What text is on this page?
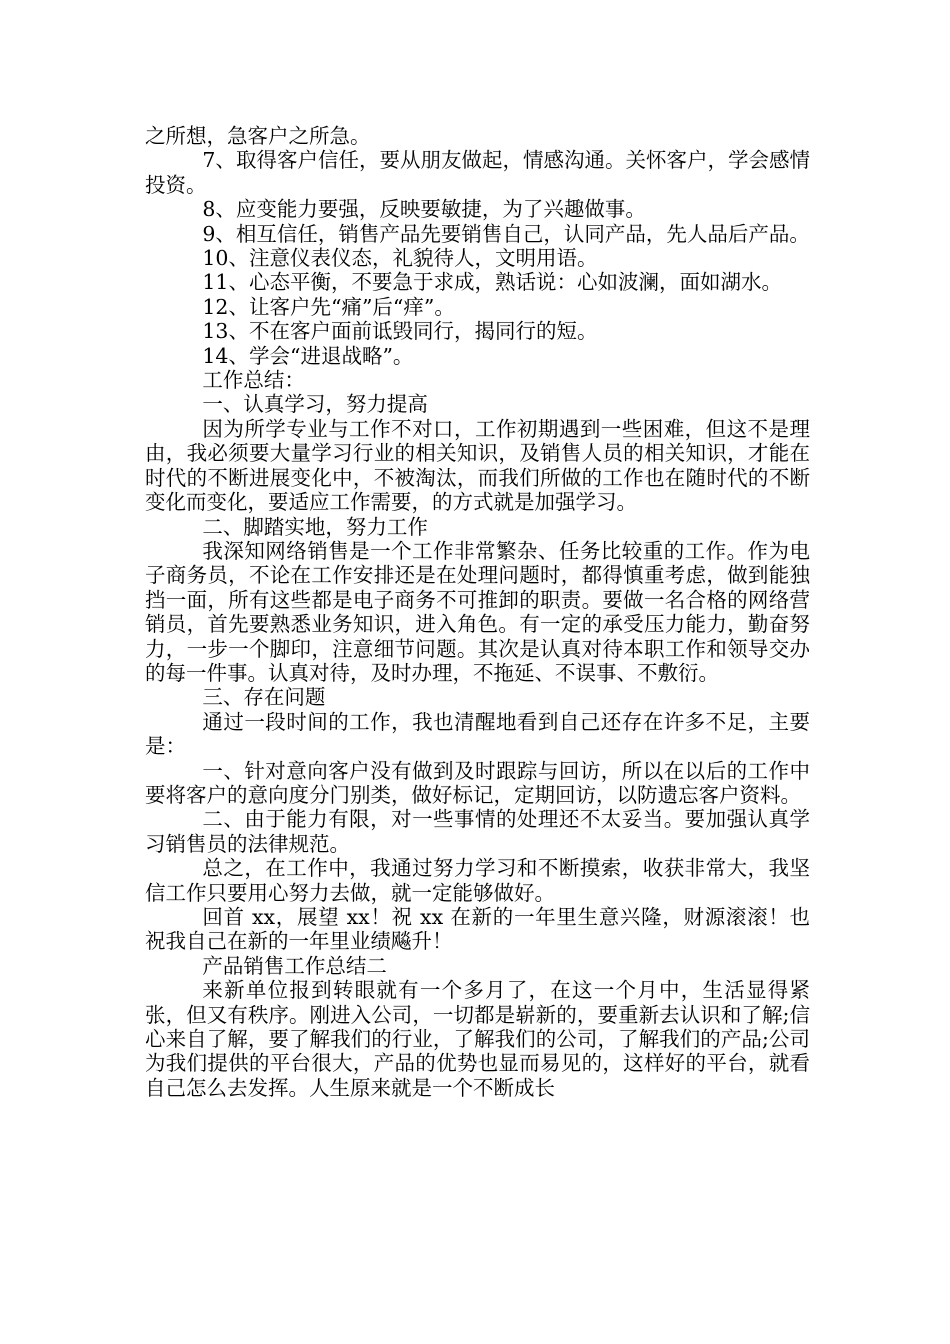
之所想，急客户之所急。

7、取得客户信任，要从朋友做起，情感沟通。关怀客户，学会感情投资。

8、应变能力要强，反映要敏捷，为了兴趣做事。

9、相互信任，销售产品先要销售自己，认同产品，先人品后产品。

10、注意仪表仪态，礼貌待人，文明用语。

11、心态平衡，不要急于求成，熟话说：心如波澜，面如湖水。

12、让客户先“痛”后“痒”。

13、不在客户面前诋毁同行，揭同行的短。

14、学会“进退战略”。

工作总结：

一、认真学习，努力提高

因为所学专业与工作不对口，工作初期遇到一些困难，但这不是理由，我必须要大量学习行业的相关知识，及销售人员的相关知识，才能在时代的不断进展变化中，不被淘汰，而我们所做的工作也在随时代的不断变化而变化，要适应工作需要，的方式就是加强学习。

二、脚踏实地，努力工作

我深知网络销售是一个工作非常繁杂、任务比较重的工作。作为电子商务员，不论在工作安排还是在处理问题时，都得慎重考虑，做到能独挡一面，所有这些都是电子商务不可推卸的职责。要做一名合格的网络营销员，首先要熟悉业务知识，进入角色。有一定的承受压力能力，勤奋努力，一步一个脚印，注意细节问题。其次是认真对待本职工作和领导交办的每一件事。认真对待，及时办理，不拖延、不误事、不敷衍。

三、存在问题

通过一段时间的工作，我也清醒地看到自己还存在许多不足，主要是：

一、针对意向客户没有做到及时跟踪与回访，所以在以后的工作中要将客户的意向度分门别类，做好标记，定期回访，以防遗忘客户资料。

二、由于能力有限，对一些事情的处理还不太妥当。要加强认真学习销售员的法律规范。

总之，在工作中，我通过努力学习和不断摸索，收获非常大，我坚信工作只要用心努力去做，就一定能够做好。

回首 xx，展望 xx！祝 xx 在新的一年里生意兴隆，财源滚滚！也祝我自己在新的一年里业绩飚升！

产品销售工作总结二

来新单位报到转眼就有一个多月了，在这一个月中，生活显得紧张，但又有秩序。刚进入公司，一切都是崭新的，要重新去认识和了解;信心来自了解，要了解我们的行业，了解我们的公司，了解我们的产品;公司为我们提供的平台很大，产品的优势也显而易见的，这样好的平台，就看自己怎么去发挥。人生原来就是一个不断成长
